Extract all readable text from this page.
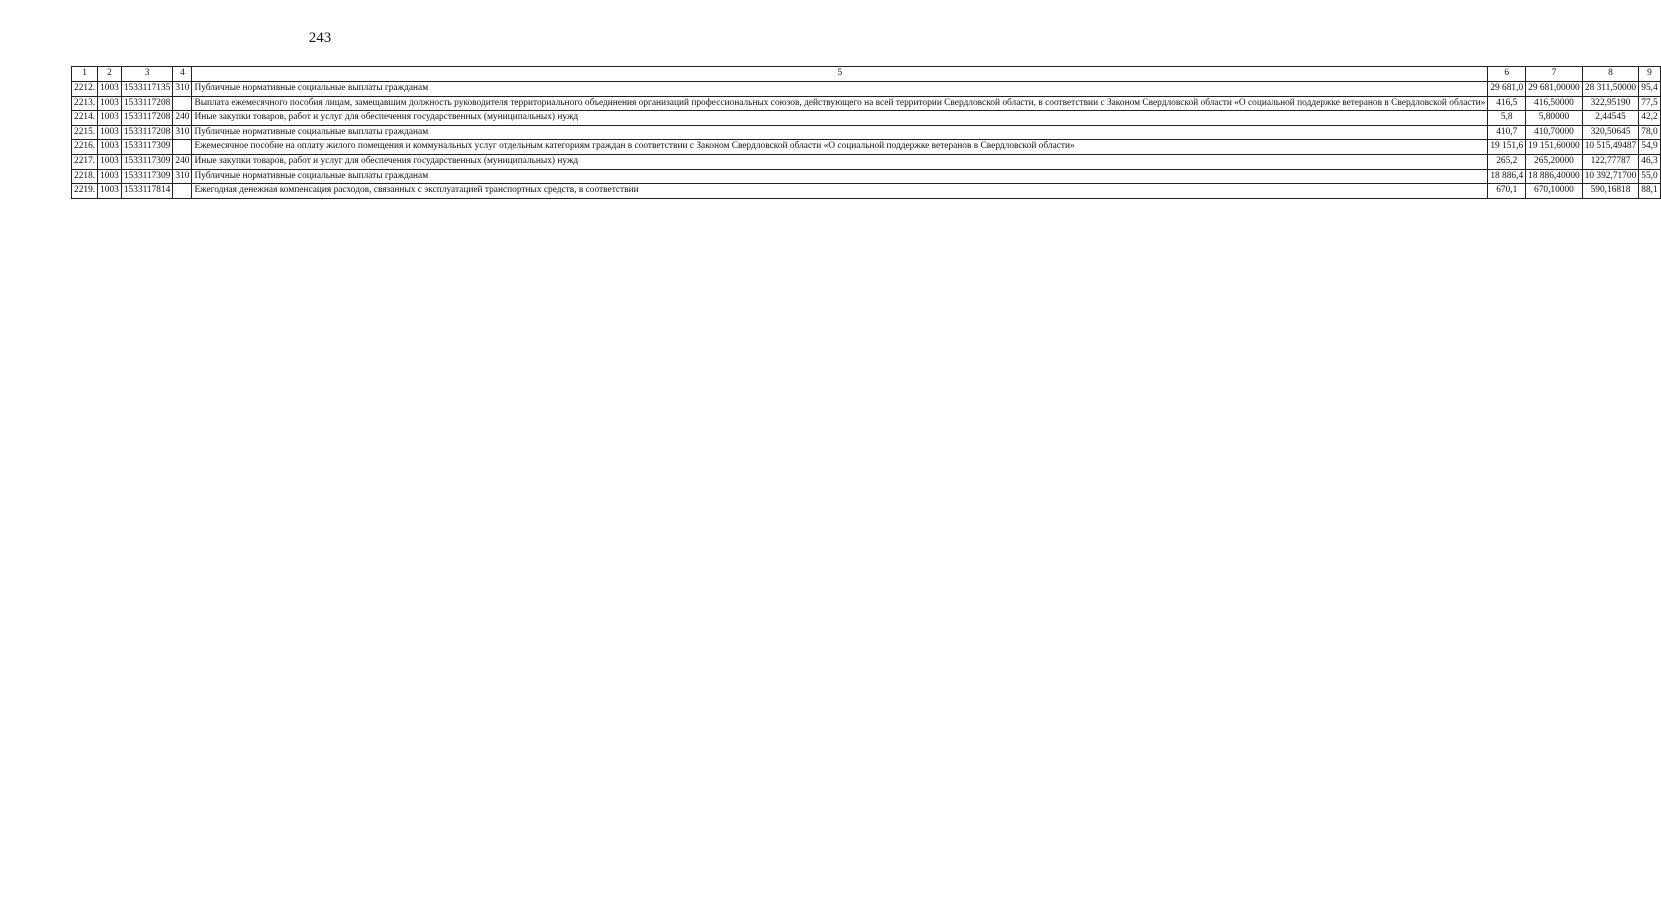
243
1	2	3	4	5	6	7	8	9
2212.	1003	1533117135	310	Публичные нормативные социальные выплаты гражданам	29 681,0	29 681,00000	28 311,50000	95,4
2213.	1003	1533117208		Выплата ежемесячного пособия лицам, замещавшим должность руководителя территориального объединения организаций профессиональных союзов, действующего на всей территории Свердловской области, в соответствии с Законом Свердловской области «О социальной поддержке ветеранов в Свердловской области»	416,5	416,50000	322,95190	77,5
2214.	1003	1533117208	240	Иные закупки товаров, работ и услуг для обеспечения государственных (муниципальных) нужд	5,8	5,80000	2,44545	42,2
2215.	1003	1533117208	310	Публичные нормативные социальные выплаты гражданам	410,7	410,70000	320,50645	78,0
2216.	1003	1533117309		Ежемесячное пособие на оплату жилого помещения и коммунальных услуг отдельным категориям граждан в соответствии с Законом Свердловской области «О социальной поддержке ветеранов в Свердловской области»	19 151,6	19 151,60000	10 515,49487	54,9
2217.	1003	1533117309	240	Иные закупки товаров, работ и услуг для обеспечения государственных (муниципальных) нужд	265,2	265,20000	122,77787	46,3
2218.	1003	1533117309	310	Публичные нормативные социальные выплаты гражданам	18 886,4	18 886,40000	10 392,71700	55,0
2219.	1003	1533117814		Ежегодная денежная компенсация расходов, связанных с эксплуатацией транспортных средств, в соответствии	670,1	670,10000	590,16818	88,1
